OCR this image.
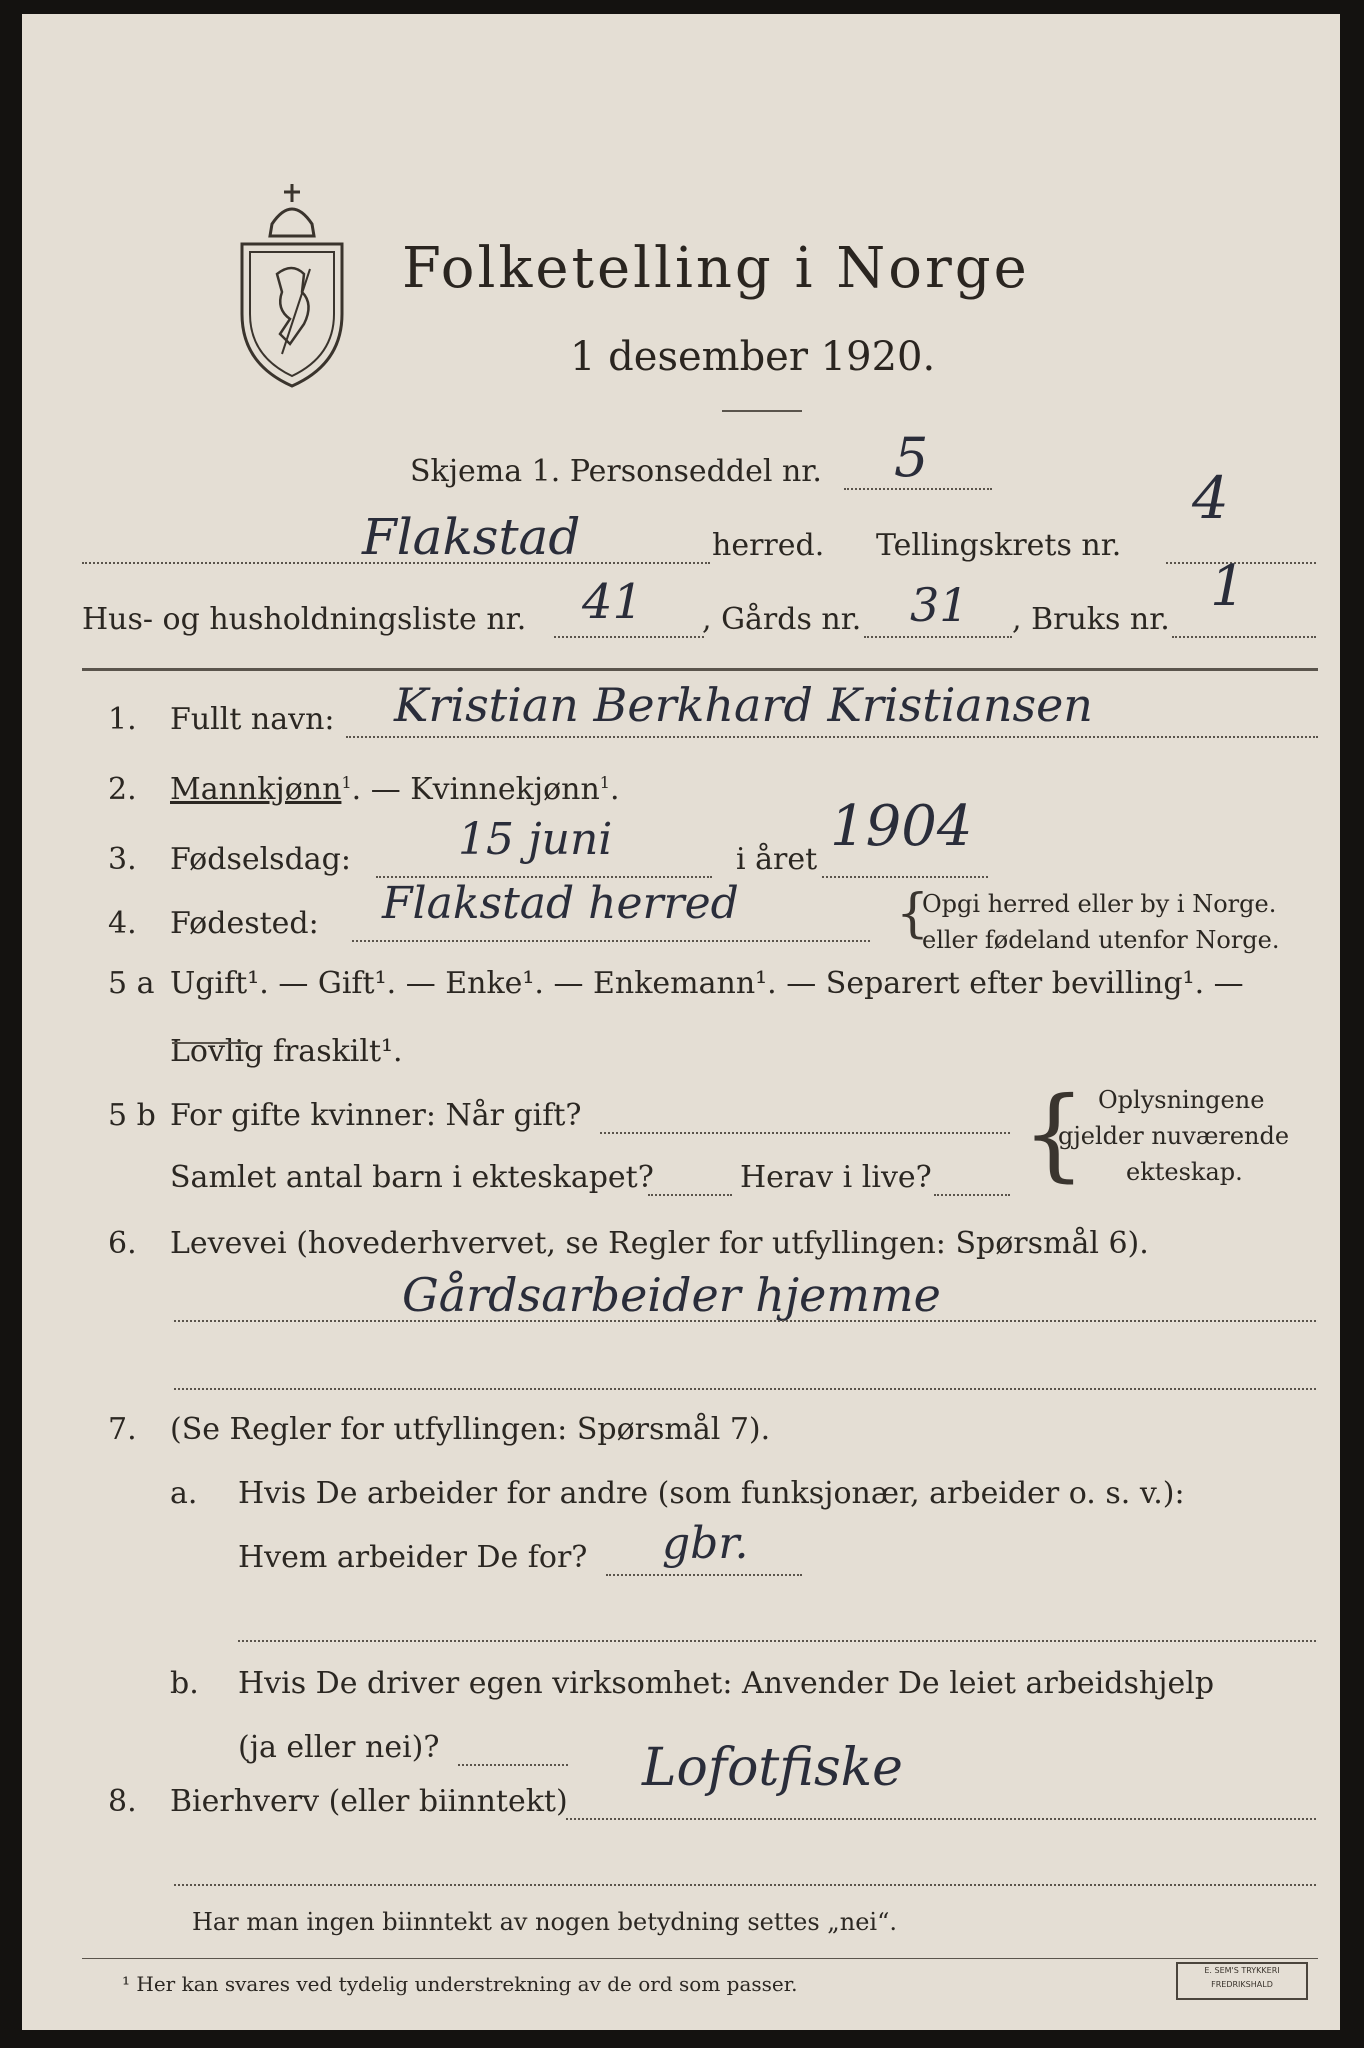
Folketelling i Norge
1 desember 1920.
Skjema 1. Personseddel nr. 5
Flakstad	herred. Tellingskrets nr.
4
Hus- og husholdningsliste nr. 41 , Gårds nr. 31 , Bruks nr.
1
1. Fullt navn: Kristian Berkhard Kristiansen
2. Mannkjønn$^1$. — Kvinnekjønn$^1$.
3. Fødselsdag: 15 juni	i året
1904
4. Fødested: Flakstad herred	{
Opgi herred eller by i Norge.
eller fødeland utenfor Norge.
5 a Ugift¹. — Gift¹. — Enke¹. — Enkemann¹. — Separert efter bevilling¹. —
Lovlig fraskilt¹.
5 b For gifte kvinner: Når gift?
Samlet antal barn i ekteskapet?	Herav i live? { Oplysningene
gjelder nuværende
ekteskap.
6. Levevei (hovederhvervet, se Regler for utfyllingen: Spørsmål 6).
Gårdsarbeider hjemme
7. (Se Regler for utfyllingen: Spørsmål 7).
a. Hvis De arbeider for andre (som funksjonær, arbeider o. s. v.):
Hvem arbeider De for? gbr.
b. Hvis De driver egen virksomhet: Anvender De leiet arbeidshjelp
(ja eller nei)?
8. Bierhverv (eller biinntekt)
Lofotfiske
Har man ingen biinntekt av nogen betydning settes „nei“.
¹ Her kan svares ved tydelig understrekning av de ord som passer.
E. SEM'S TRYKKERI
FREDRIKSHALD
